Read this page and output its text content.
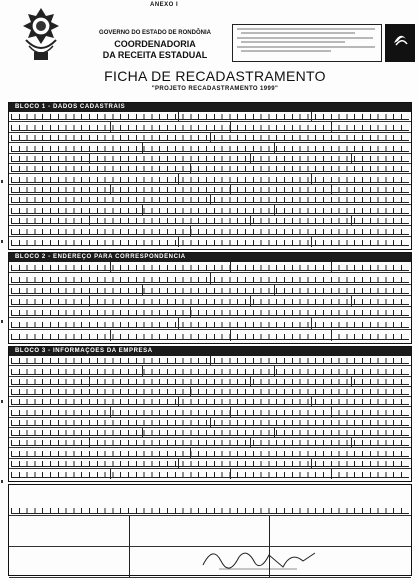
ANEXO I
GOVERNO DO ESTADO DE RONDÔNIA
COORDENADORIA
DA RECEITA ESTADUAL
FICHA DE RECADASTRAMENTO
"PROJETO RECADASTRAMENTO 1999"
BLOCO 1 - DADOS CADASTRAIS
BLOCO 2 - ENDEREÇO PARA CORRESPONDÊNCIA
BLOCO 3 - INFORMAÇÕES DA EMPRESA
